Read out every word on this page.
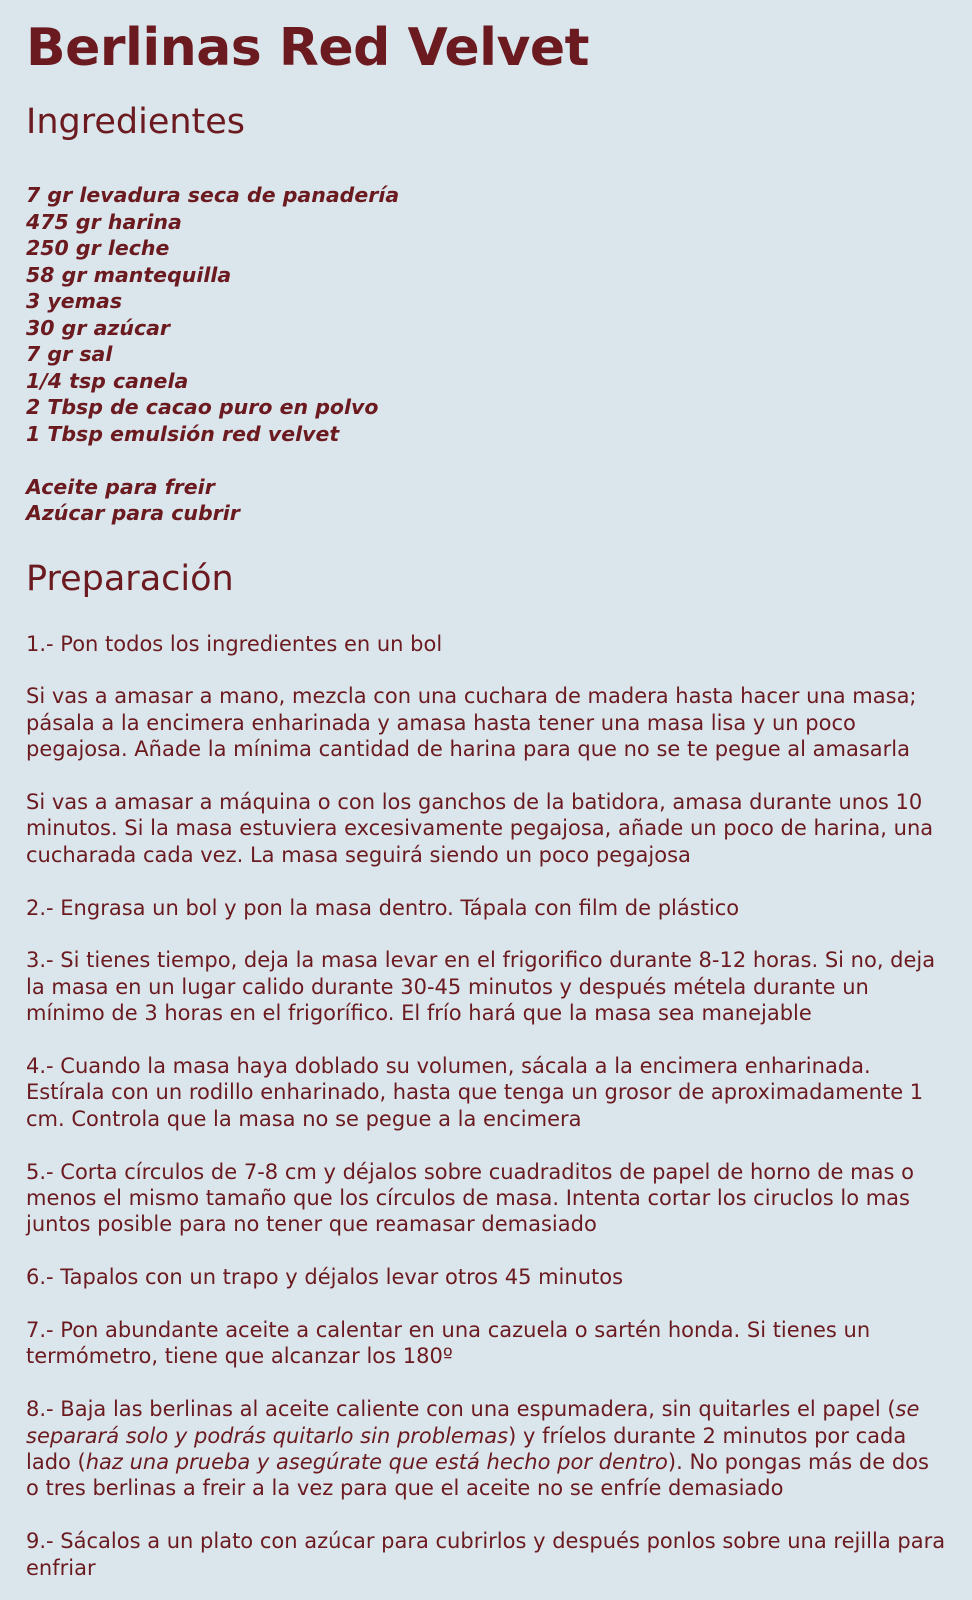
Berlinas Red Velvet
Ingredientes
7 gr levadura seca de panadería
475 gr harina
250 gr leche
58 gr mantequilla
3 yemas
30 gr azúcar
7 gr sal
1/4 tsp canela
2 Tbsp de cacao puro en polvo
1 Tbsp emulsión red velvet
Aceite para freir
Azúcar para cubrir
Preparación

1.- Pon todos los ingredientes en un bol

Si vas a amasar a mano, mezcla con una cuchara de madera hasta hacer una masa; pásala a la encimera enharinada y amasa hasta tener una masa lisa y un poco pegajosa. Añade la mínima cantidad de harina para que no se te pegue al amasarla

Si vas a amasar a máquina o con los ganchos de la batidora, amasa durante unos 10 minutos. Si la masa estuviera excesivamente pegajosa, añade un poco de harina, una cucharada cada vez. La masa seguirá siendo un poco pegajosa

2.- Engrasa un bol y pon la masa dentro. Tápala con film de plástico

3.- Si tienes tiempo, deja la masa levar en el frigorifico durante 8-12 horas. Si no, deja la masa en un lugar calido durante 30-45 minutos y después métela durante un mínimo de 3 horas en el frigorífico. El frío hará que la masa sea manejable

4.- Cuando la masa haya doblado su volumen, sácala a la encimera enharinada. Estírala con un rodillo enharinado, hasta que tenga un grosor de aproximadamente 1 cm. Controla que la masa no se pegue a la encimera

5.- Corta círculos de 7-8 cm y déjalos sobre cuadraditos de papel de horno de mas o menos el mismo tamaño que los círculos de masa. Intenta cortar los ciruclos lo mas juntos posible para no tener que reamasar demasiado

6.- Tapalos con un trapo y déjalos levar otros 45 minutos

7.- Pon abundante aceite a calentar en una cazuela o sartén honda. Si tienes un termómetro, tiene que alcanzar los 180º

8.- Baja las berlinas al aceite caliente con una espumadera, sin quitarles el papel (se separará solo y podrás quitarlo sin problemas) y fríelos durante 2 minutos por cada lado (haz una prueba y asegúrate que está hecho por dentro). No pongas más de dos o tres berlinas a freir a la vez para que el aceite no se enfríe demasiado

9.- Sácalos a un plato con azúcar para cubrirlos y después ponlos sobre una rejilla para enfriar
